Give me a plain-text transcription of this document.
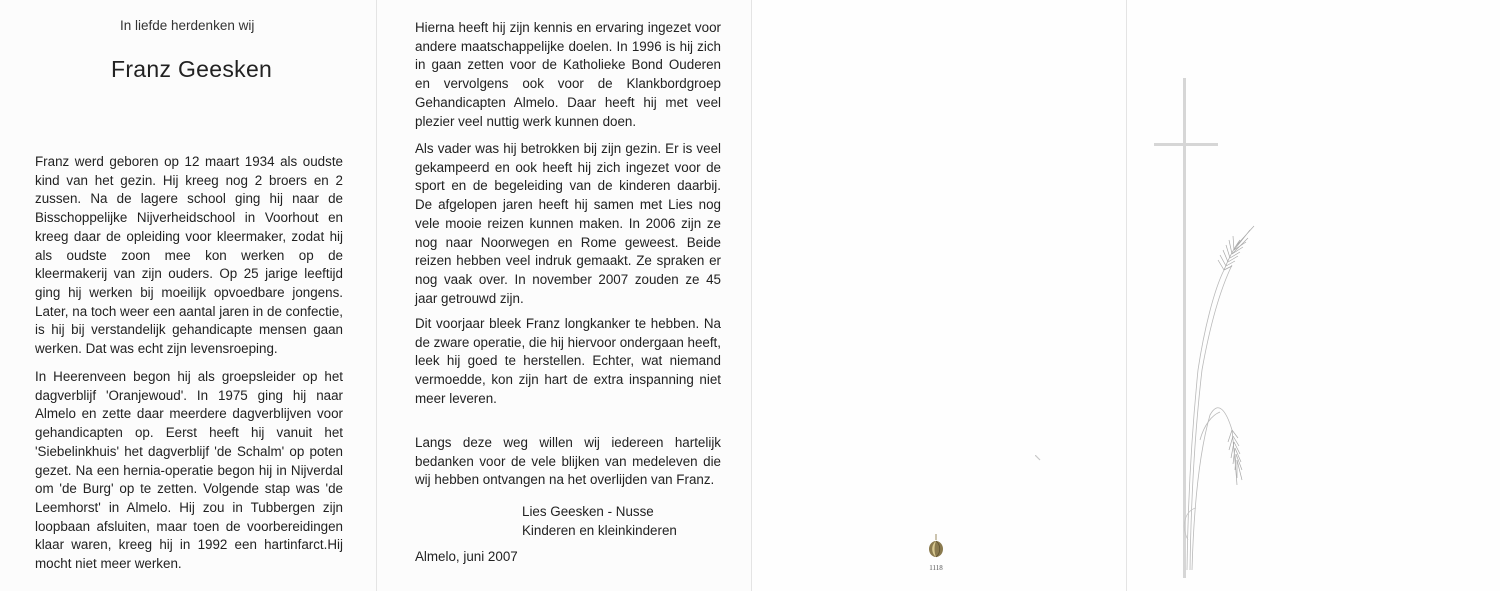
In liefde herdenken wij
Franz Geesken

Franz werd geboren op 12 maart 1934 als oudste kind van het gezin. Hij kreeg nog 2 broers en 2 zussen. Na de lagere school ging hij naar de Bisschoppelijke Nijverheidschool in Voorhout en kreeg daar de opleiding voor kleermaker, zodat hij als oudste zoon mee kon werken op de kleermakerij van zijn ouders. Op 25 jarige leeftijd ging hij werken bij moeilijk opvoedbare jongens. Later, na toch weer een aantal jaren in de confectie, is hij bij verstandelijk gehandicapte mensen gaan werken. Dat was echt zijn levensroeping.

In Heerenveen begon hij als groepsleider op het dagverblijf 'Oranjewoud'. In 1975 ging hij naar Almelo en zette daar meerdere dagverblijven voor gehandicapten op. Eerst heeft hij vanuit het 'Siebelinkhuis' het dagverblijf 'de Schalm' op poten gezet. Na een hernia-operatie begon hij in Nijverdal om 'de Burg' op te zetten. Volgende stap was 'de Leemhorst' in Almelo. Hij zou in Tubbergen zijn loopbaan afsluiten, maar toen de voorbereidingen klaar waren, kreeg hij in 1992 een hartinfarct.Hij mocht niet meer werken.

Hierna heeft hij zijn kennis en ervaring ingezet voor andere maatschappelijke doelen. In 1996 is hij zich in gaan zetten voor de Katholieke Bond Ouderen en vervolgens ook voor de Klankbordgroep Gehandicapten Almelo. Daar heeft hij met veel plezier veel nuttig werk kunnen doen.

Als vader was hij betrokken bij zijn gezin. Er is veel gekampeerd en ook heeft hij zich ingezet voor de sport en de begeleiding van de kinderen daarbij. De afgelopen jaren heeft hij samen met Lies nog vele mooie reizen kunnen maken. In 2006 zijn ze nog naar Noorwegen en Rome geweest. Beide reizen hebben veel indruk gemaakt. Ze spraken er nog vaak over. In november 2007 zouden ze 45 jaar getrouwd zijn.

Dit voorjaar bleek Franz longkanker te hebben. Na de zware operatie, die hij hiervoor ondergaan heeft, leek hij goed te herstellen. Echter, wat niemand vermoedde, kon zijn hart de extra inspanning niet meer leveren.

Langs deze weg willen wij iedereen hartelijk bedanken voor de vele blijken van medeleven die wij hebben ontvangen na het overlijden van Franz.

Lies Geesken - Nusse
Kinderen en kleinkinderen
Almelo, juni 2007
1118
